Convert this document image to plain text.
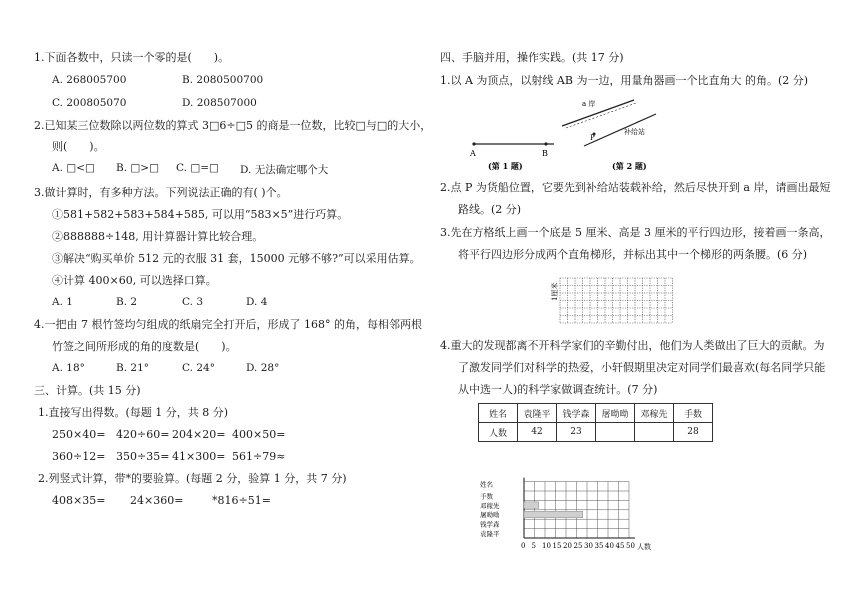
1.下面各数中，只读一个零的是(　　)。
A. 268005700	B. 2080500700
C. 200805070	D. 208507000
2.已知某三位数除以两位数的算式 3□6÷□5 的商是一位数，比较□与□的大小，
则(　　)。
A. □<□ B. □>□ C. □=□ D. 无法确定哪个大
3.做计算时，有多种方法。下列说法正确的有( )个。
①581+582+583+584+585, 可以用“583×5”进行巧算。
②888888÷148, 用计算器计算比较合理。
③解决“购买单价 512 元的衣服 31 套，15000 元够不够?”可以采用估算。
④计算 400×60, 可以选择口算。
A. 1	B. 2	C. 3	D. 4
4.一把由 7 根竹签均匀组成的纸扇完全打开后，形成了 168° 的角，每相邻两根
竹签之间所形成的角的度数是(　　)。
A. 18°	B. 21°	C. 24°	D. 28°
三、计算。(共 15 分)
1.直接写出得数。(每题 1 分，共 8 分)
250×40= 420÷60= 204×20= 400×50=
360÷12= 350÷35= 41×300= 561÷79≈
2.列竖式计算，带*的要验算。(每题 2 分，验算 1 分，共 7 分)
408×35= 24×360=	*816÷51=
四、手脑并用，操作实践。(共 17 分)
1.以 A 为顶点，以射线 AB 为一边，用量角器画一个比直角大 的角。(2 分)
A	B
(第 1 题)
a 岸
P
补给站
(第 2 题)
2.点 P 为货船位置，它要先到补给站装载补给，然后尽快开到 a 岸，请画出最短
路线。(2 分)
3.先在方格纸上画一个底是 5 厘米、高是 3 厘米的平行四边形，接着画一条高，
将平行四边形分成两个直角梯形，并标出其中一个梯形的两条腰。(6 分)
1厘米
4.重大的发现都离不开科学家们的辛勤付出，他们为人类做出了巨大的贡献。为
了激发同学们对科学的热爱，小轩假期里决定对同学们最喜欢(每名同学只能
从中选一人)的科学家做调查统计。(7 分)
姓名	袁隆平	钱学森	屠呦呦	邓稼先	手数
人数	42	23			28
姓名
人数
0 5 10 15 20 25 30 35 40 45 50
手数
邓稼先
屠呦呦
钱学森
袁隆平
